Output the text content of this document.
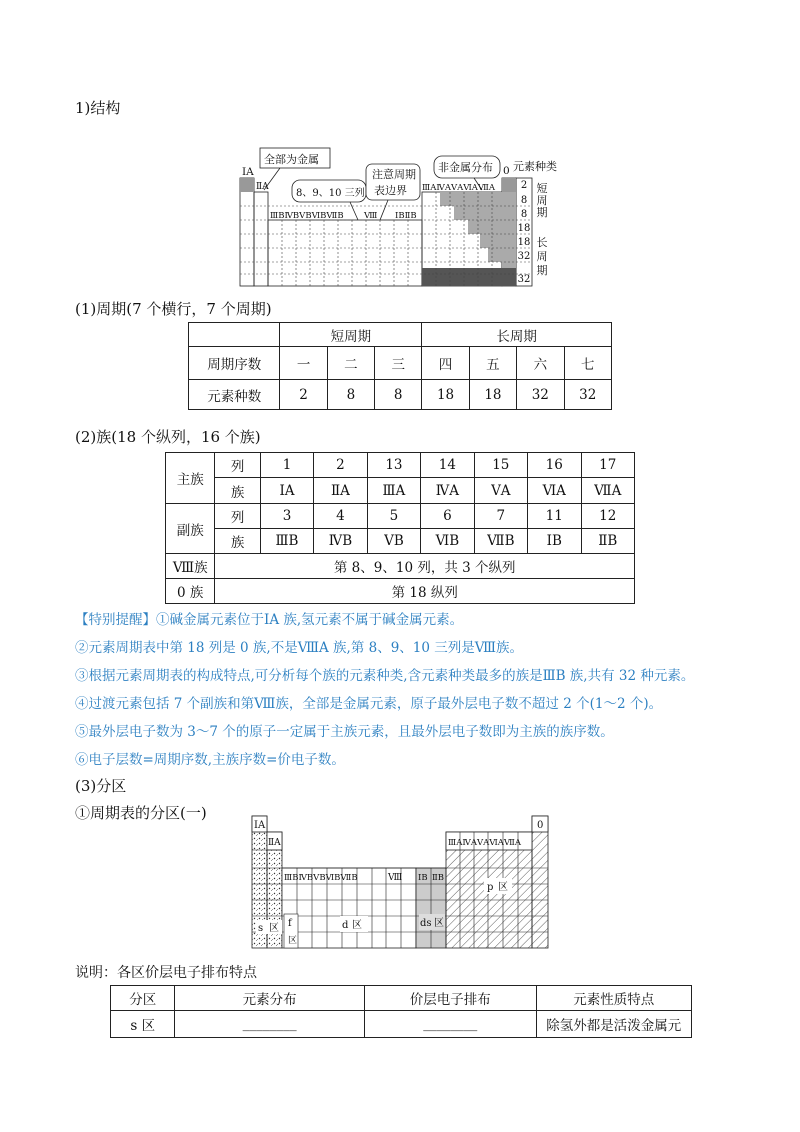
1)结构
ⅠA
ⅡA
全部为金属
8、9、10 三列
注意周期
表边界
非金属分布 0 元素种类
ⅢBⅣBⅤBⅥBⅦB Ⅷ ⅠBⅡB
ⅢAⅣAⅤAⅥAⅦA	2
8
8
18
18
32
32
短
周
期
长
周
期
(1)周期(7 个横行，7 个周期)
	短周期			长周期			
周期序数	一	二	三	四	五	六	七
元素种数	2	8	8	18	18	32	32
(2)族(18 个纵列，16 个族)
主族	列	1	2	13	14	15	16	17
	族	ⅠA	ⅡA	ⅢA	ⅣA	ⅤA	ⅥA	ⅦA
副族	列	3	4	5	6	7	11	12
	族	ⅢB	ⅣB	ⅤB	ⅥB	ⅦB	ⅠB	ⅡB
Ⅷ族	第 8、9、10 列，共 3 个纵列							
0 族	第 18 纵列							
【特别提醒】①碱金属元素位于ⅠA 族,氢元素不属于碱金属元素。
②元素周期表中第 18 列是 0 族,不是ⅧA 族,第 8、9、10 三列是Ⅷ族。
③根据元素周期表的构成特点,可分析每个族的元素种类,含元素种类最多的族是ⅢB 族,共有 32 种元素。
④过渡元素包括 7 个副族和第Ⅷ族，全部是金属元素，原子最外层电子数不超过 2 个(1～2 个)。
⑤最外层电子数为 3～7 个的原子一定属于主族元素，且最外层电子数即为主族的族序数。
⑥电子层数=周期序数,主族序数=价电子数。
(3)分区
①周期表的分区(一)
ⅠA
ⅡA
ⅢBⅣBⅤBⅥBⅦB	Ⅷ ⅠB ⅡB
ⅢAⅣAⅤAⅥAⅦA
0
s 区 f
区
d 区	ds 区
p 区
说明：各区价层电子排布特点
分区	元素分布	价层电子排布	元素性质特点
s 区	________	________	除氢外都是活泼金属元
